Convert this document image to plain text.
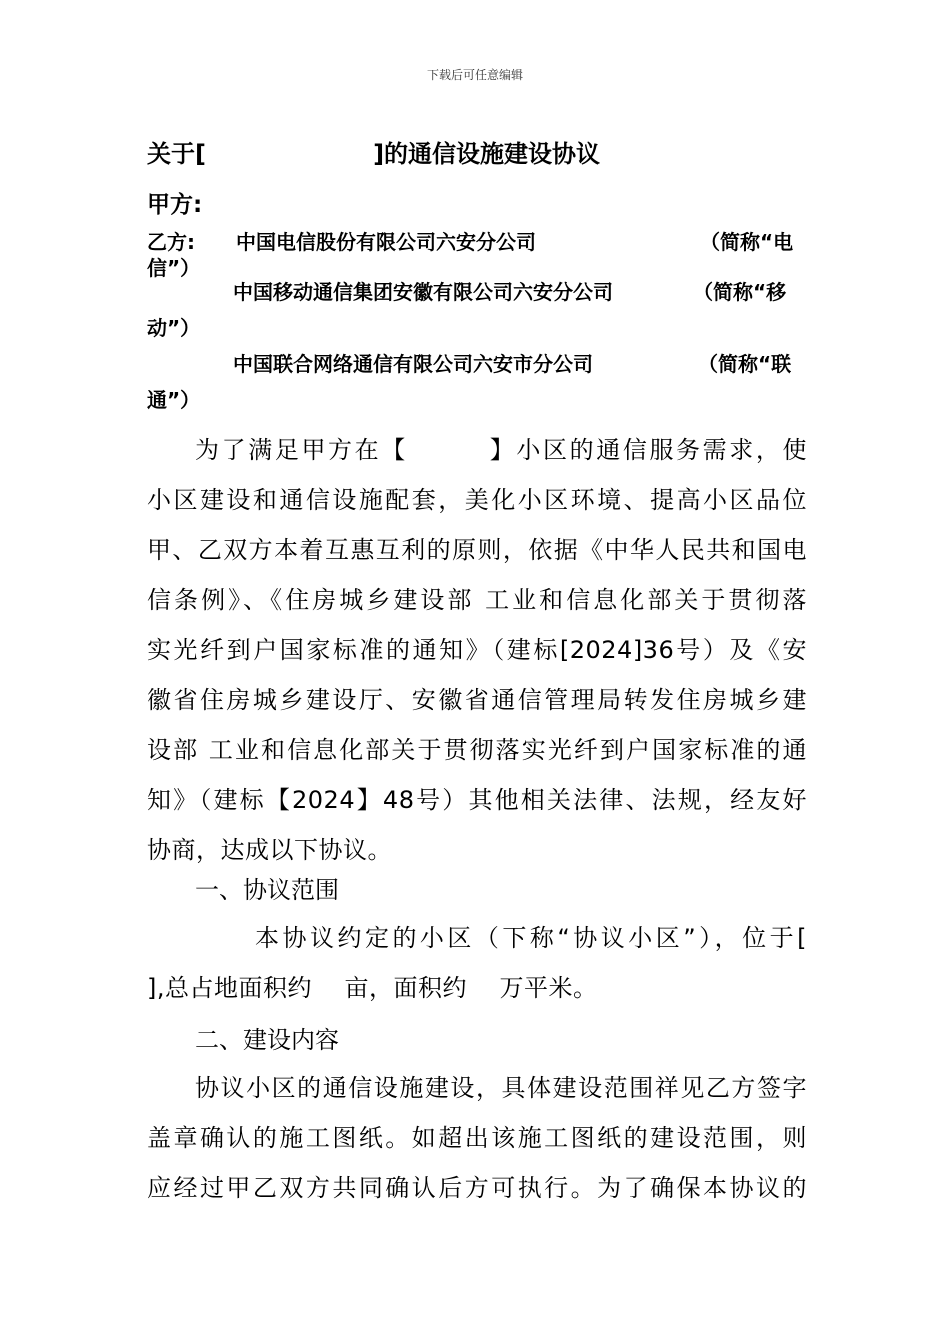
下载后可任意编辑
关于[                    ]的通信设施建设协议
甲方:
乙方: 中国电信股份有限公司六安分公司	（简称“电
信”）
中国移动通信集团安徽有限公司六安分公司	（简称“移
动”）
中国联合网络通信有限公司六安市分公司	（简称“联
通”）
为了满足甲方在【        】小区的通信服务需求，使
小区建设和通信设施配套，美化小区环境、提高小区品位
甲、乙双方本着互惠互利的原则，依据《中华人民共和国电
信条例》、《住房城乡建设部 工业和信息化部关于贯彻落
实光纤到户国家标准的通知》（建标[2024]36号）及《安
徽省住房城乡建设厅、安徽省通信管理局转发住房城乡建
设部 工业和信息化部关于贯彻落实光纤到户国家标准的通
知》（建标【2024】48号）其他相关法律、法规，经友好
协商，达成以下协议。
一、协议范围
本协议约定的小区（下称“协议小区”），位于[
],总占地面积约    亩，面积约    万平米。
二、建设内容
协议小区的通信设施建设，具体建设范围祥见乙方签字
盖章确认的施工图纸。如超出该施工图纸的建设范围，则
应经过甲乙双方共同确认后方可执行。为了确保本协议的
